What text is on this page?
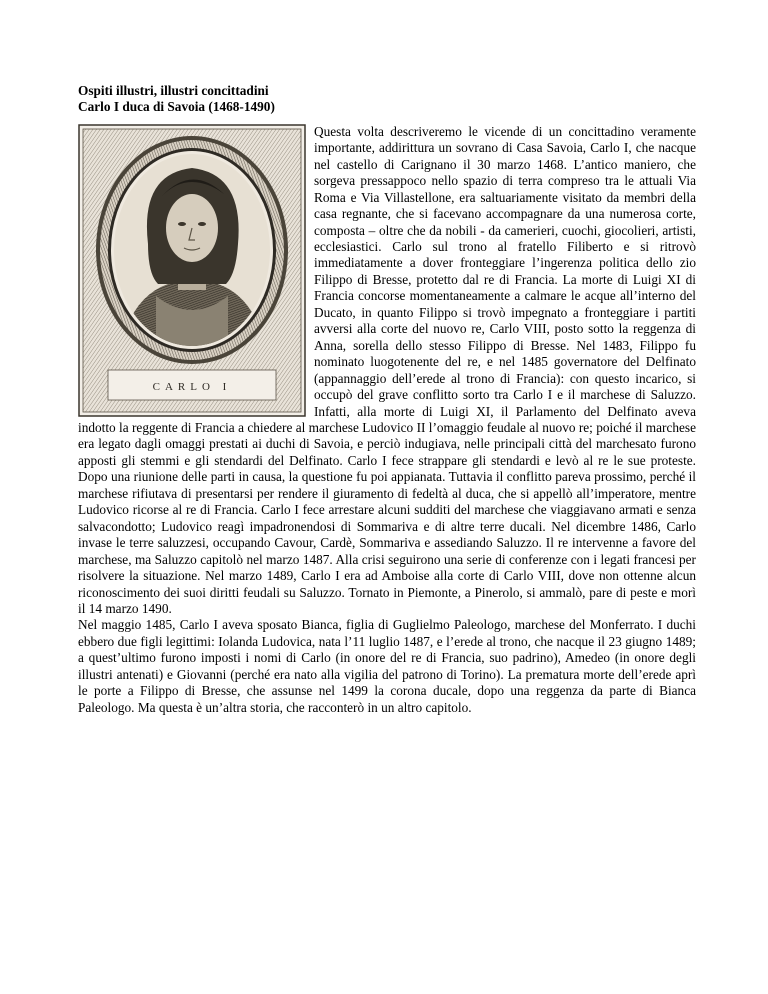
Ospiti illustri, illustri concittadini

Carlo I duca di Savoia (1468-1490)

CARLO I

Questa volta descriveremo le vicende di un concittadino veramente importante, addirittura un sovrano di Casa Savoia, Carlo I, che nacque nel castello di Carignano il 30 marzo 1468. L’antico maniero, che sorgeva pressappoco nello spazio di terra compreso tra le attuali Via Roma e Via Villastellone, era saltuariamente visitato da membri della casa regnante, che si facevano accompagnare da una numerosa corte, composta – oltre che da nobili - da camerieri, cuochi, giocolieri, artisti, ecclesiastici. Carlo sul trono al fratello Filiberto e si ritrovò immediatamente a dover fronteggiare l’ingerenza politica dello zio Filippo di Bresse, protetto dal re di Francia. La morte di Luigi XI di Francia concorse momentaneamente a calmare le acque all’interno del Ducato, in quanto Filippo si trovò impegnato a fronteggiare i partiti avversi alla corte del nuovo re, Carlo VIII, posto sotto la reggenza di Anna, sorella dello stesso Filippo di Bresse. Nel 1483, Filippo fu nominato luogotenente del re, e nel 1485 governatore del Delfinato (appannaggio dell’erede al trono di Francia): con questo incarico, si occupò del grave conflitto sorto tra Carlo I e il marchese di Saluzzo. Infatti, alla morte di Luigi XI, il Parlamento del Delfinato aveva indotto la reggente di Francia a chiedere al marchese Ludovico II l’omaggio feudale al nuovo re; poiché il marchese era legato dagli omaggi prestati ai duchi di Savoia, e perciò indugiava, nelle principali città del marchesato furono apposti gli stemmi e gli stendardi del Delfinato. Carlo I fece strappare gli stendardi e levò al re le sue proteste. Dopo una riunione delle parti in causa, la questione fu poi appianata. Tuttavia il conflitto pareva prossimo, perché il marchese rifiutava di presentarsi per rendere il giuramento di fedeltà al duca, che si appellò all’imperatore, mentre Ludovico ricorse al re di Francia. Carlo I fece arrestare alcuni sudditi del marchese che viaggiavano armati e senza salvacondotto; Ludovico reagì impadronendosi di Sommariva e di altre terre ducali. Nel dicembre 1486, Carlo invase le terre saluzzesi, occupando Cavour, Cardè, Sommariva e assediando Saluzzo. Il re intervenne a favore del marchese, ma Saluzzo capitolò nel marzo 1487. Alla crisi seguirono una serie di conferenze con i legati francesi per risolvere la situazione. Nel marzo 1489, Carlo I era ad Amboise alla corte di Carlo VIII, dove non ottenne alcun riconoscimento dei suoi diritti feudali su Saluzzo. Tornato in Piemonte, a Pinerolo, si ammalò, pare di peste e morì il 14 marzo 1490.

Nel maggio 1485, Carlo I aveva sposato Bianca, figlia di Guglielmo Paleologo, marchese del Monferrato. I duchi ebbero due figli legittimi: Iolanda Ludovica, nata l’11 luglio 1487, e l’erede al trono, che nacque il 23 giugno 1489; a quest’ultimo furono imposti i nomi di Carlo (in onore del re di Francia, suo padrino), Amedeo (in onore degli illustri antenati) e Giovanni (perché era nato alla vigilia del patrono di Torino). La prematura morte dell’erede aprì le porte a Filippo di Bresse, che assunse nel 1499 la corona ducale, dopo una reggenza da parte di Bianca Paleologo. Ma questa è un’altra storia, che racconterò in un altro capitolo.
